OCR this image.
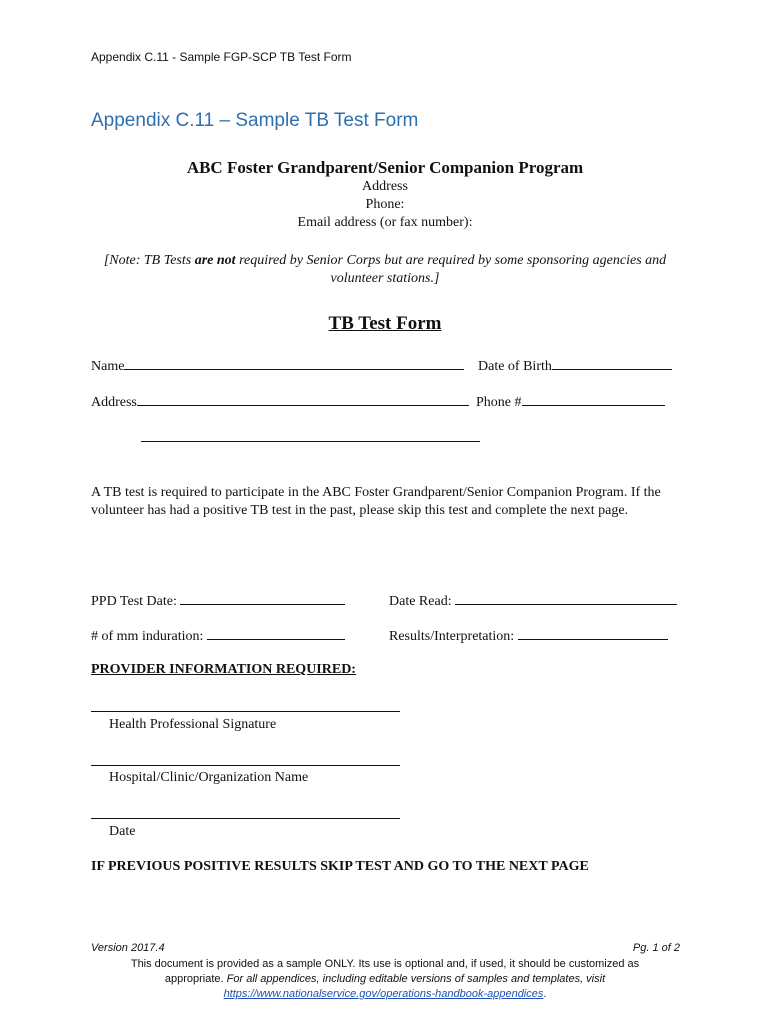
Appendix C.11 - Sample FGP-SCP TB Test Form
Appendix C.11 – Sample TB Test Form
ABC Foster Grandparent/Senior Companion Program
Address
Phone:
Email address (or fax number):
[Note: TB Tests are not required by Senior Corps but are required by some sponsoring agencies and volunteer stations.]
TB Test Form
Name	Date of Birth
Address	Phone #
A TB test is required to participate in the ABC Foster Grandparent/Senior Companion Program. If the volunteer has had a positive TB test in the past, please skip this test and complete the next page.
PPD Test Date:	Date Read:
# of mm induration:	Results/Interpretation:
PROVIDER INFORMATION REQUIRED:
Health Professional Signature
Hospital/Clinic/Organization Name
Date
IF PREVIOUS POSITIVE RESULTS SKIP TEST AND GO TO THE NEXT PAGE
Version 2017.4	Pg. 1 of 2
This document is provided as a sample ONLY. Its use is optional and, if used, it should be customized as
appropriate. For all appendices, including editable versions of samples and templates, visit
https://www.nationalservice.gov/operations-handbook-appendices.
